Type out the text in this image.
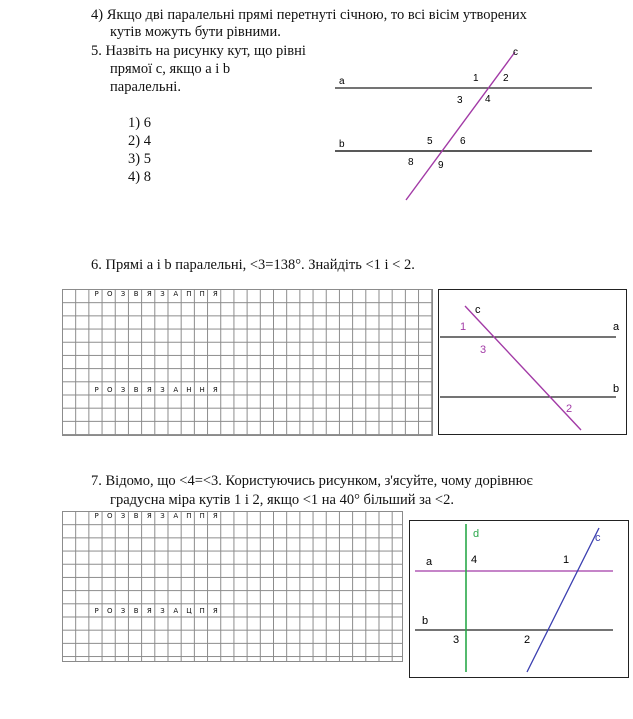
4) Якщо дві паралельні прямі перетнуті січною, то всі вісім утворених
кутів можуть бути рівними.
5. Назвіть на рисунку кут, що рівні
прямої с, якщо а і b
паралельні.
1) 6
2) 4
3) 5
4) 8
a
b
c
1 2
3 4
5	6
8 9
6. Прямі а і b паралельні, <3=138°. Знайдіть <1 і < 2.
Р О З В Я З А П П Я
Р О З В Я З А Н Н Я
c
a
b
1
3
2
7. Відомо, що <4=<3. Користуючись рисунком, з'ясуйте, чому дорівнює
градусна міра кутів 1 і 2, якщо <1 на 40° більший за <2.
Р О З В Я З А П П Я
Р О З В Я З А Ц П Я
d	c
a
b
4	1
3	2
